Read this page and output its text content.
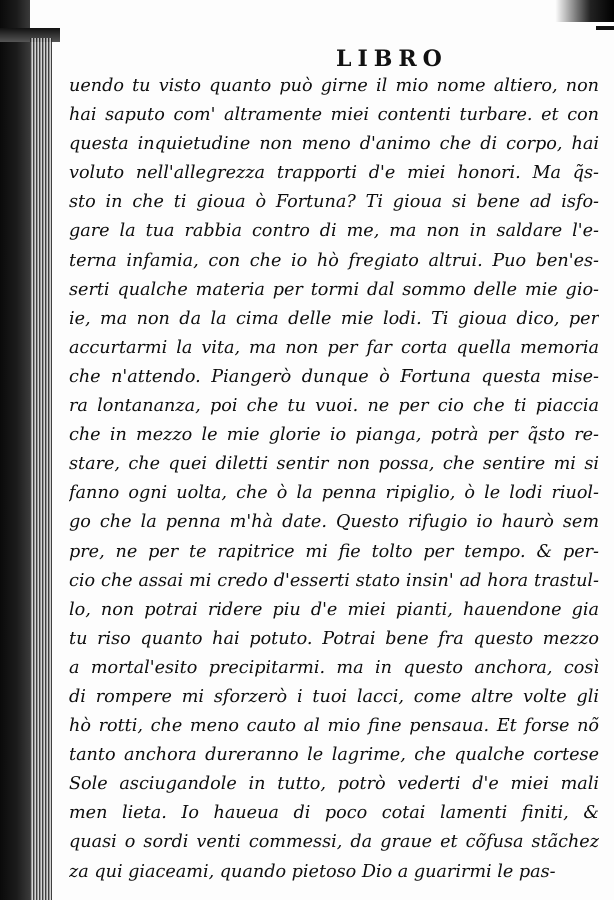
LIBRO
uendo tu visto quanto può girne il mio nome altiero, non
hai saputo com' altramente miei contenti turbare. et con
questa inquietudine non meno d'animo che di corpo, hai
voluto nell'allegrezza trapporti d'e miei honori. Ma q̃s-
sto in che ti gioua ò Fortuna? Ti gioua si bene ad isfo-
gare la tua rabbia contro di me, ma non in saldare l'e-
terna infamia, con che io hò fregiato altrui. Puo ben'es-
serti qualche materia per tormi dal sommo delle mie gio-
ie, ma non da la cima delle mie lodi. Ti gioua dico, per
accurtarmi la vita, ma non per far corta quella memoria
che n'attendo. Piangerò dunque ò Fortuna questa mise-
ra lontananza, poi che tu vuoi. ne per cio che ti piaccia
che in mezzo le mie glorie io pianga, potrà per q̃sto re-
stare, che quei diletti sentir non possa, che sentire mi si
fanno ogni uolta, che ò la penna ripiglio, ò le lodi riuol-
go che la penna m'hà date. Questo rifugio io haurò sem
pre, ne per te rapitrice mi fie tolto per tempo. & per-
cio che assai mi credo d'esserti stato insin' ad hora trastul-
lo, non potrai ridere piu d'e miei pianti, hauendone gia
tu riso quanto hai potuto. Potrai bene fra questo mezzo
a mortal'esito precipitarmi. ma in questo anchora, così
di rompere mi sforzerò i tuoi lacci, come altre volte gli
hò rotti, che meno cauto al mio fine pensaua. Et forse nõ
tanto anchora dureranno le lagrime, che qualche cortese
Sole asciugandole in tutto, potrò vederti d'e miei mali
men lieta. Io haueua di poco cotai lamenti finiti, &
quasi o sordi venti commessi, da graue et cõfusa stãchez
za qui giaceami, quando pietoso Dio a guarirmi le pas-
